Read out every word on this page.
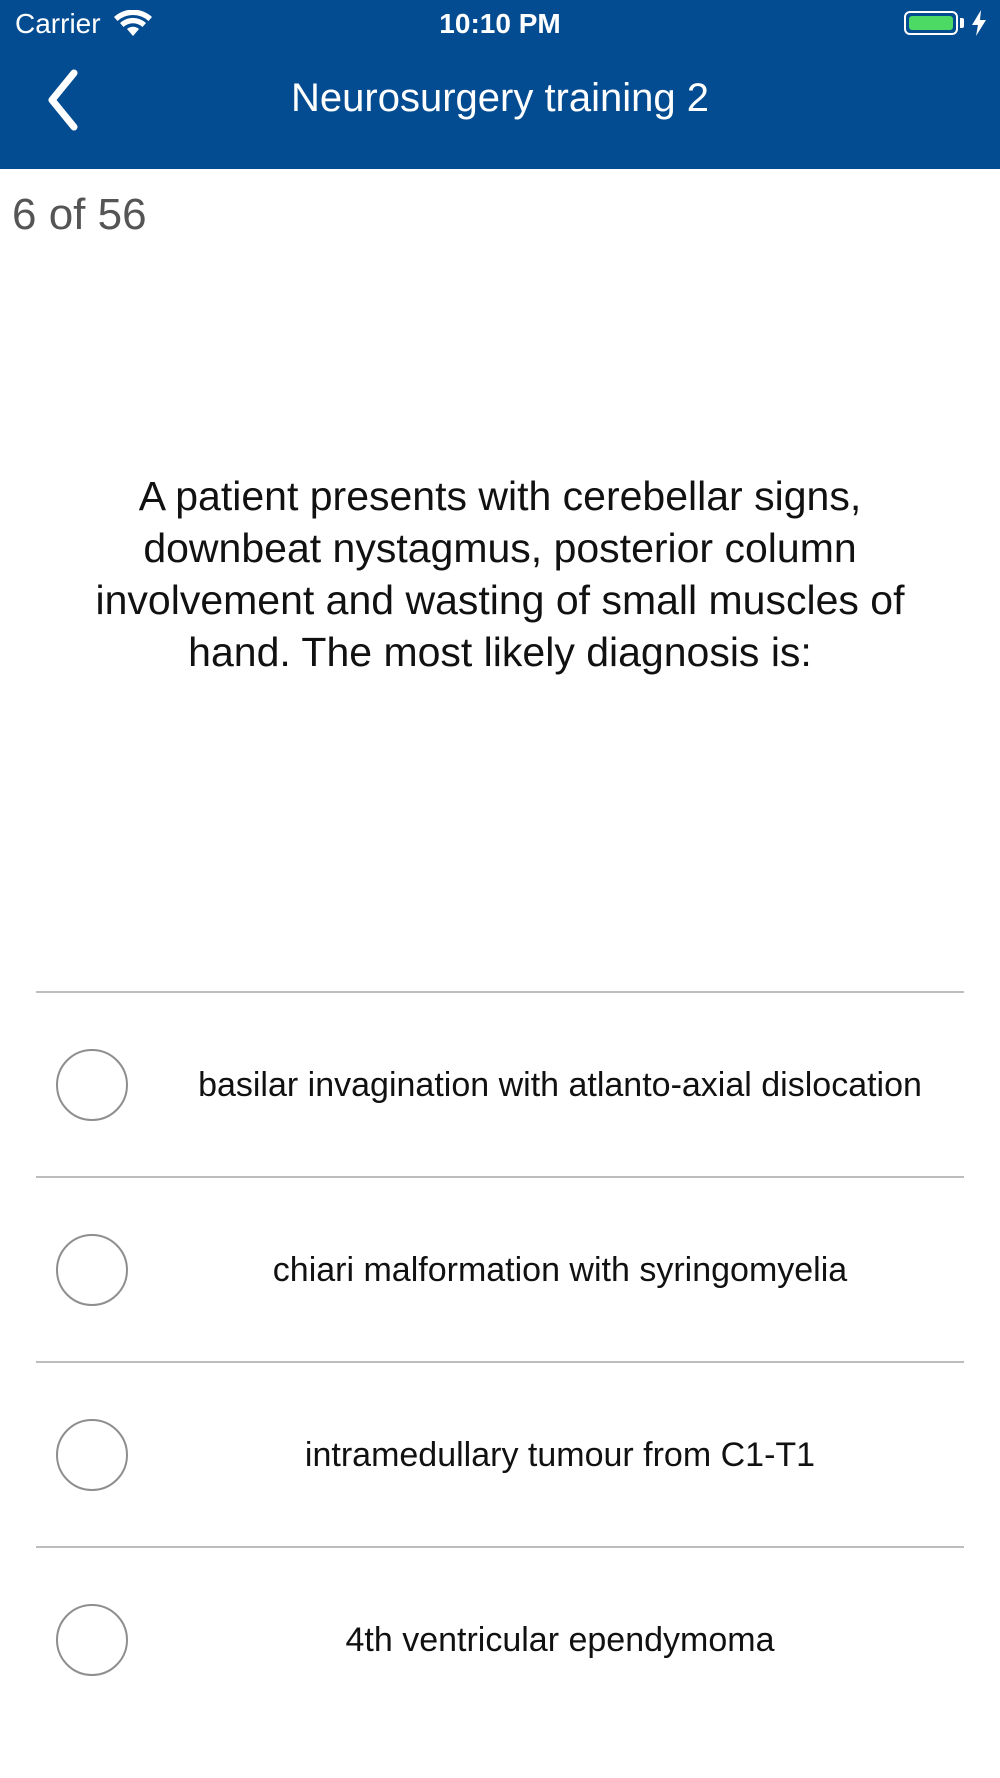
Carrier	10:10 PM
Neurosurgery training 2
6 of 56
A patient presents with cerebellar signs, downbeat nystagmus, posterior column involvement and wasting of small muscles of hand. The most likely diagnosis is:
basilar invagination with atlanto-axial dislocation
chiari malformation with syringomyelia
intramedullary tumour from C1-T1
4th ventricular ependymoma
